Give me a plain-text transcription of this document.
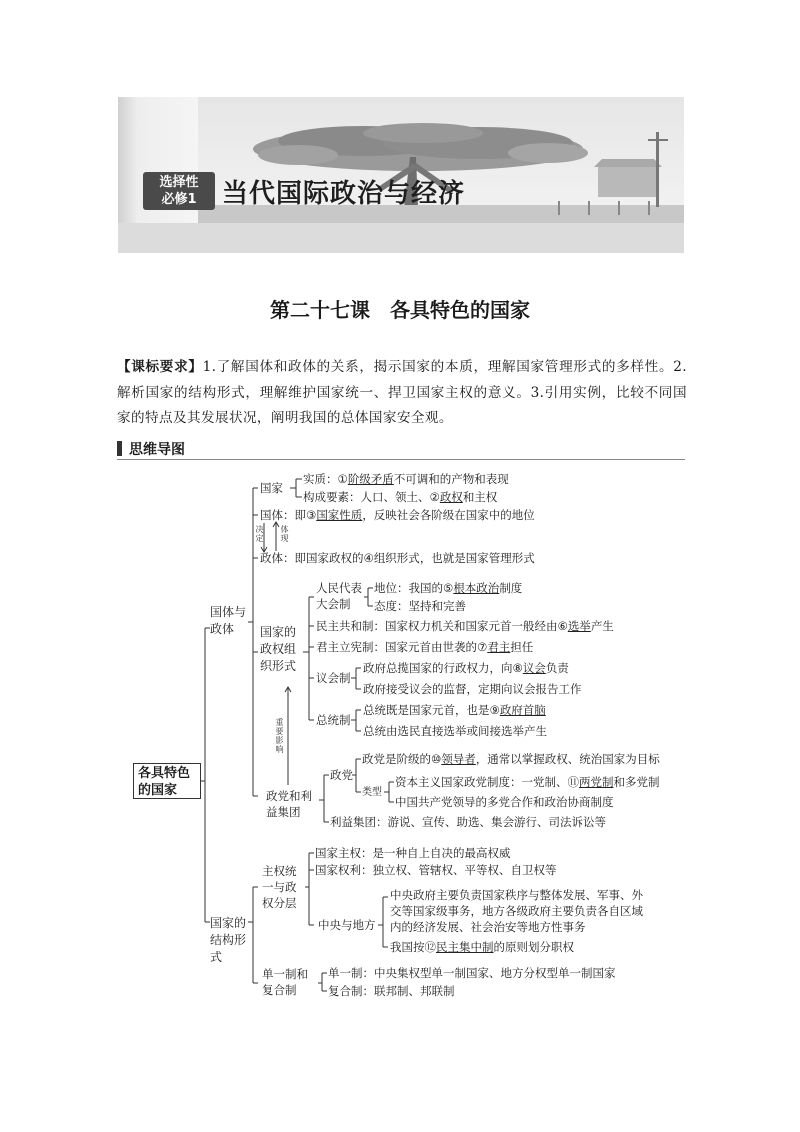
选择性
必修1 当代国际政治与经济
第二十七课 各具特色的国家
【课标要求】1.了解国体和政体的关系，揭示国家的本质，理解国家管理形式的多样性。2.解析国家的结构形式，理解维护国家统一、捍卫国家主权的意义。3.引用实例，比较不同国家的特点及其发展状况，阐明我国的总体国家安全观。
思维导图
各具特色的国家
国体与政体
国家
实质：①阶级矛盾不可调和的产物和表现
构成要素：人口、领土、②政权和主权
国体：即③国家性质，反映社会各阶级在国家中的地位
决定
体现
政体：即国家政权的④组织形式，也就是国家管理形式
国家的政权组织形式
人民代表
大会制
地位：我国的⑤根本政治制度
态度：坚持和完善
民主共和制：国家权力机关和国家元首一般经由⑥选举产生
君主立宪制：国家元首由世袭的⑦君主担任
议会制
政府总揽国家的行政权力，向⑧议会负责
政府接受议会的监督，定期向议会报告工作
总统制
总统既是国家元首，也是⑨政府首脑
总统由选民直接选举或间接选举产生
重要影响
政党和利
益集团
政党
政党是阶级的⑩领导者，通常以掌握政权、统治国家为目标
类型
资本主义国家政党制度：一党制、⑪两党制和多党制
中国共产党领导的多党合作和政治协商制度
利益集团：游说、宣传、助选、集会游行、司法诉讼等
国家的结构形式
主权统
一与政
权分层
国家主权：是一种自上自决的最高权威
国家权利：独立权、管辖权、平等权、自卫权等
中央与地方
中央政府主要负责国家秩序与整体发展、军事、外
交等国家级事务，地方各级政府主要负责各自区域
内的经济发展、社会治安等地方性事务
我国按⑫民主集中制的原则划分职权
单一制和
复合制
单一制：中央集权型单一制国家、地方分权型单一制国家
复合制：联邦制、邦联制
